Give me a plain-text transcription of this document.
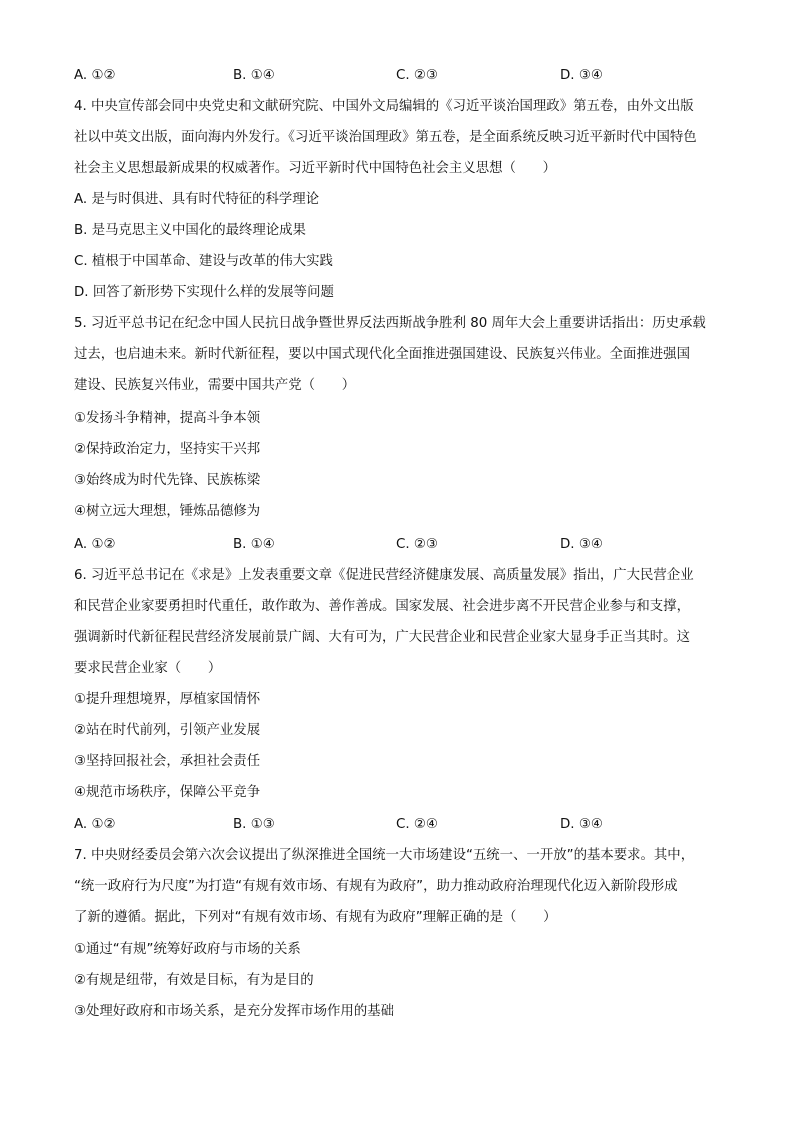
A. ①②	B. ①④	C. ②③	D. ③④
4. 中央宣传部会同中央党史和文献研究院、中国外文局编辑的《习近平谈治国理政》第五卷，由外文出版
社以中英文出版，面向海内外发行。《习近平谈治国理政》第五卷，是全面系统反映习近平新时代中国特色
社会主义思想最新成果的权威著作。习近平新时代中国特色社会主义思想（　　）
A. 是与时俱进、具有时代特征的科学理论
B. 是马克思主义中国化的最终理论成果
C. 植根于中国革命、建设与改革的伟大实践
D. 回答了新形势下实现什么样的发展等问题
5. 习近平总书记在纪念中国人民抗日战争暨世界反法西斯战争胜利 80 周年大会上重要讲话指出：历史承载
过去，也启迪未来。新时代新征程，要以中国式现代化全面推进强国建设、民族复兴伟业。全面推进强国
建设、民族复兴伟业，需要中国共产党（　　）
①发扬斗争精神，提高斗争本领
②保持政治定力，坚持实干兴邦
③始终成为时代先锋、民族栋梁
④树立远大理想，锤炼品德修为
A. ①②	B. ①④	C. ②③	D. ③④
6. 习近平总书记在《求是》上发表重要文章《促进民营经济健康发展、高质量发展》指出，广大民营企业
和民营企业家要勇担时代重任，敢作敢为、善作善成。国家发展、社会进步离不开民营企业参与和支撑，
强调新时代新征程民营经济发展前景广阔、大有可为，广大民营企业和民营企业家大显身手正当其时。这
要求民营企业家（　　）
①提升理想境界，厚植家国情怀
②站在时代前列，引领产业发展
③坚持回报社会，承担社会责任
④规范市场秩序，保障公平竞争
A. ①②	B. ①③	C. ②④	D. ③④
7. 中央财经委员会第六次会议提出了纵深推进全国统一大市场建设“五统一、一开放”的基本要求。其中，
“统一政府行为尺度”为打造“有规有效市场、有规有为政府”，助力推动政府治理现代化迈入新阶段形成
了新的遵循。据此，下列对“有规有效市场、有规有为政府”理解正确的是（　　）
①通过“有规”统筹好政府与市场的关系
②有规是纽带，有效是目标，有为是目的
③处理好政府和市场关系，是充分发挥市场作用的基础
